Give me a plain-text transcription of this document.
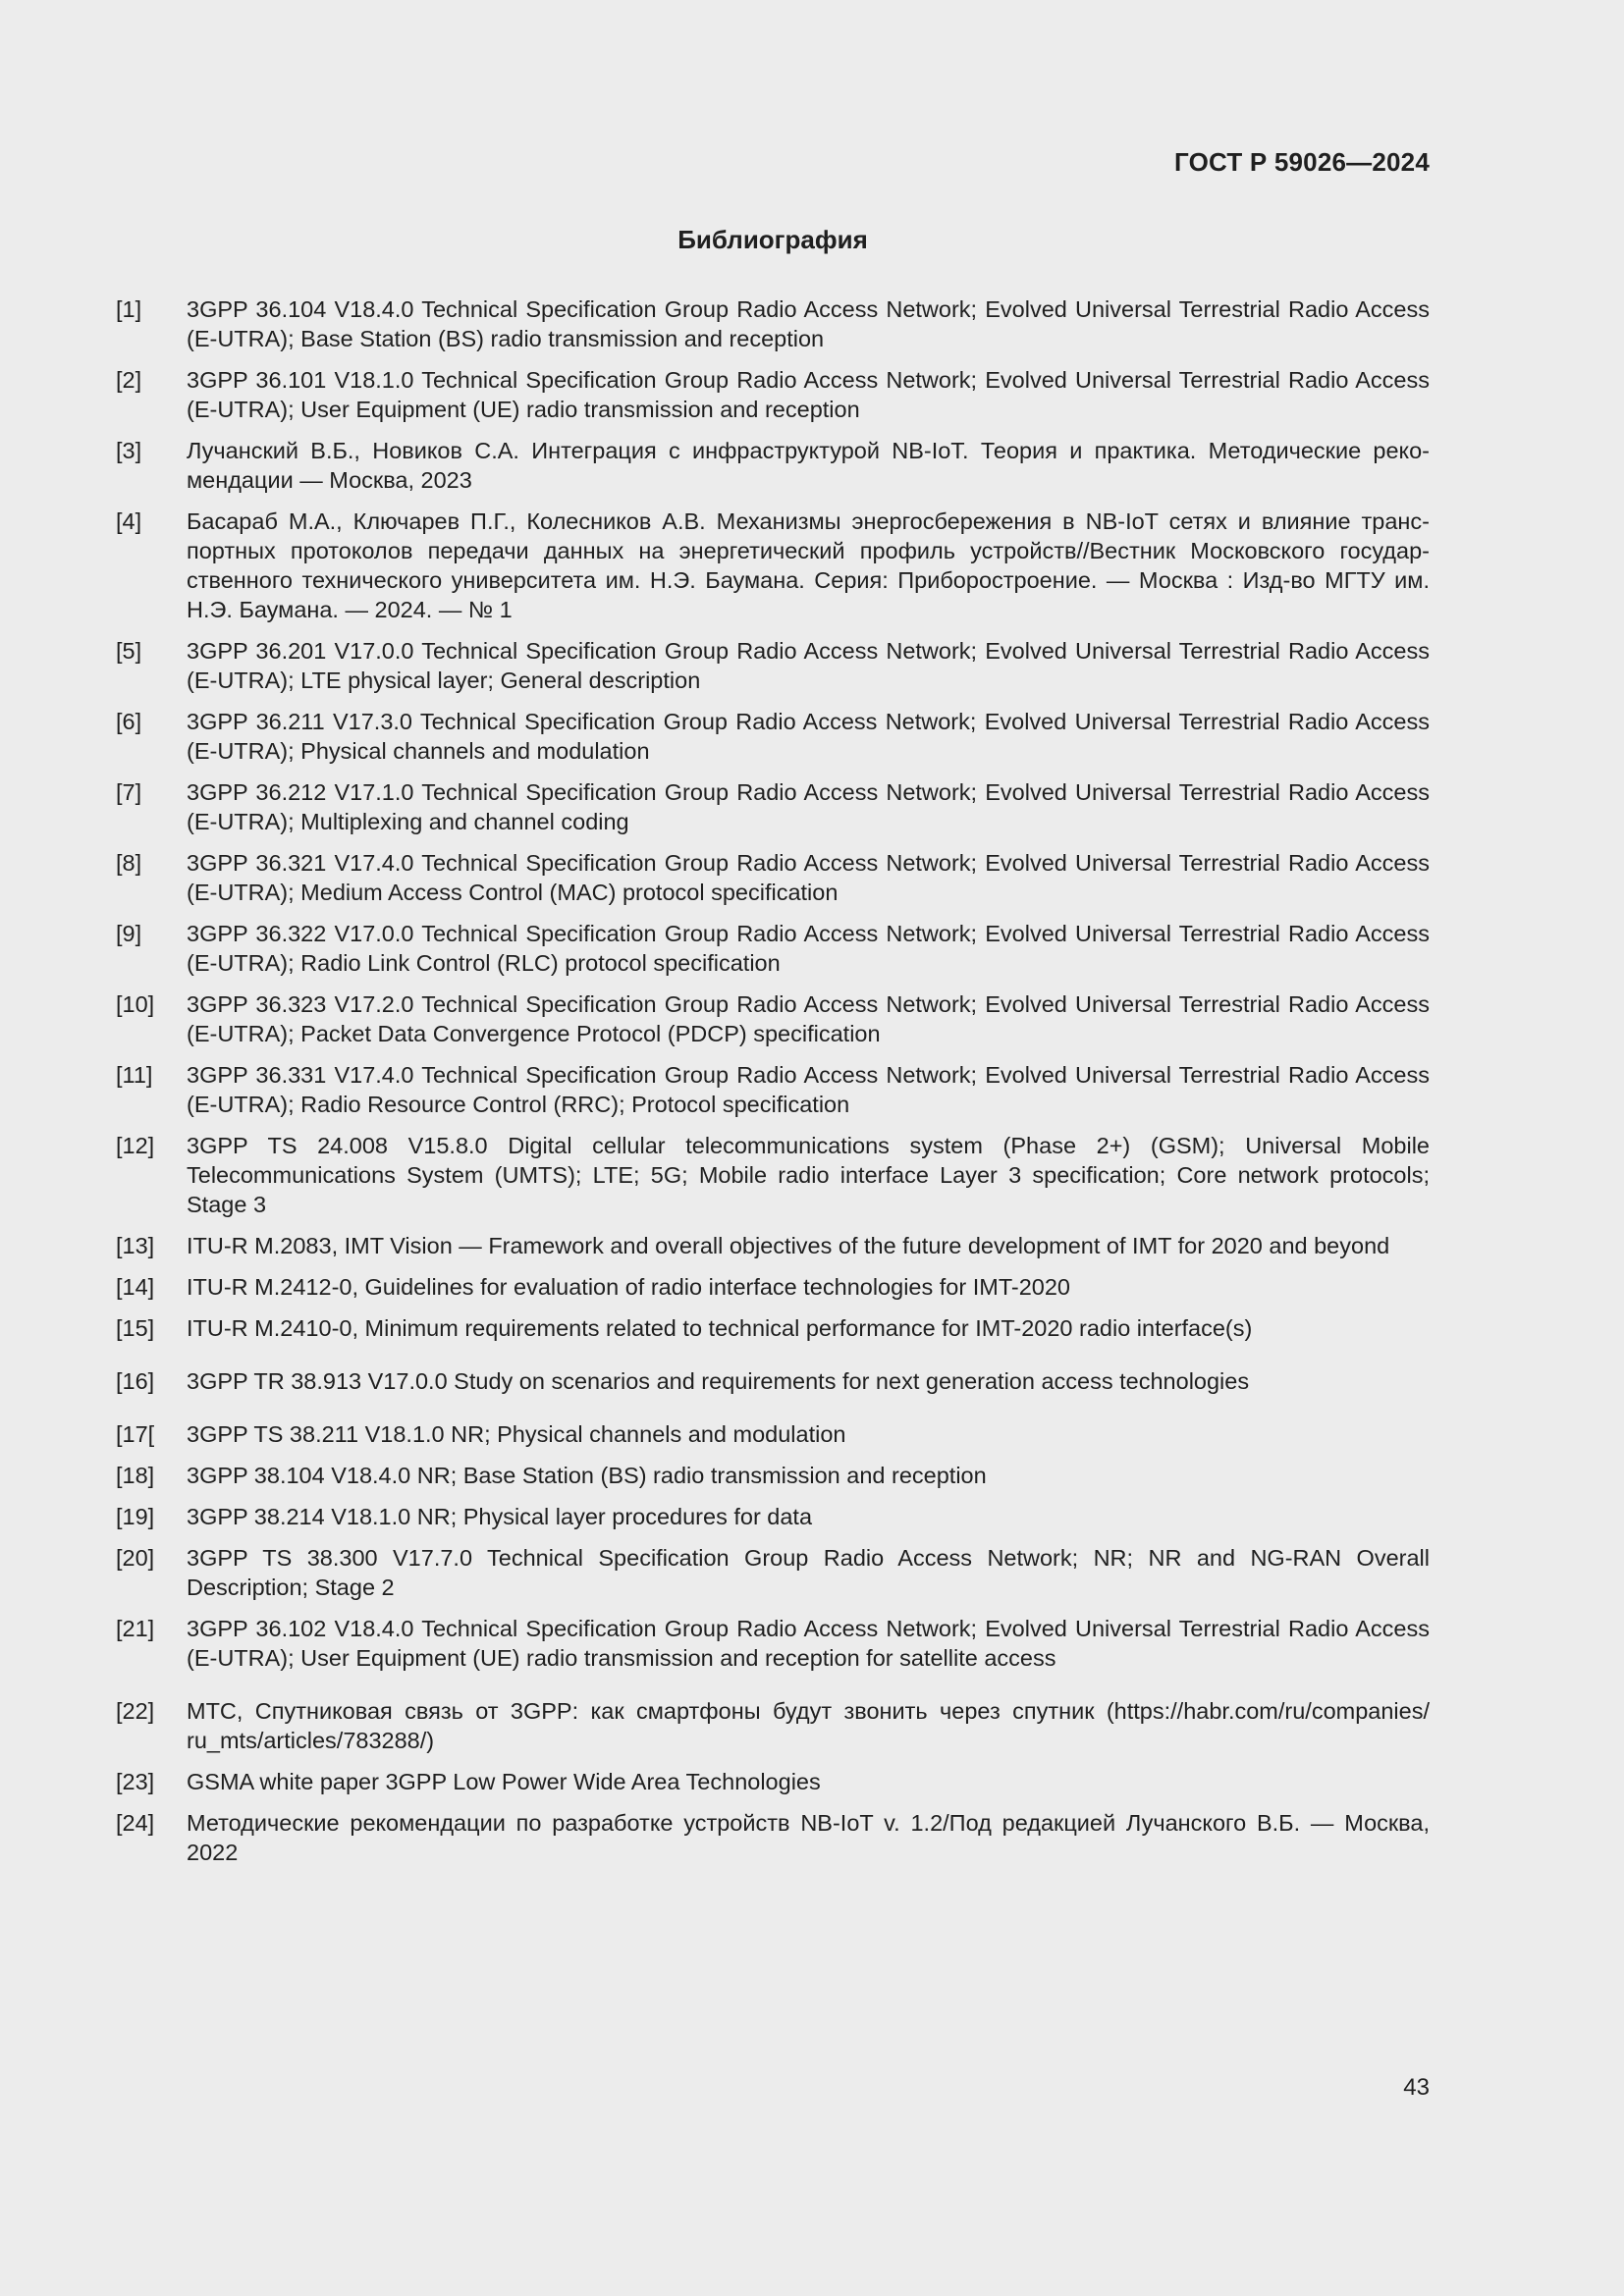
ГОСТ Р 59026—2024
Библиография

[1] 3GPP 36.104 V18.4.0 Technical Specification Group Radio Access Network; Evolved Universal Terrestrial Radio Access (E-UTRA); Base Station (BS) radio transmission and reception

[2] 3GPP 36.101 V18.1.0 Technical Specification Group Radio Access Network; Evolved Universal Terrestrial Radio Access (E-UTRA); User Equipment (UE) radio transmission and reception

[3] Лучанский В.Б., Новиков С.А. Интеграция с инфраструктурой NB-IoT. Теория и практика. Методические рекомендации — Москва, 2023

[4] Басараб М.А., Ключарев П.Г., Колесников А.В. Механизмы энергосбережения в NB-IoT сетях и влияние транспортных протоколов передачи данных на энергетический профиль устройств//Вестник Московского государственного технического университета им. Н.Э. Баумана. Серия: Приборостроение. — Москва : Изд-во МГТУ им. Н.Э. Баумана. — 2024. — № 1

[5] 3GPP 36.201 V17.0.0 Technical Specification Group Radio Access Network; Evolved Universal Terrestrial Radio Access (E-UTRA); LTE physical layer; General description

[6] 3GPP 36.211 V17.3.0 Technical Specification Group Radio Access Network; Evolved Universal Terrestrial Radio Access (E-UTRA); Physical channels and modulation

[7] 3GPP 36.212 V17.1.0 Technical Specification Group Radio Access Network; Evolved Universal Terrestrial Radio Access (E-UTRA); Multiplexing and channel coding

[8] 3GPP 36.321 V17.4.0 Technical Specification Group Radio Access Network; Evolved Universal Terrestrial Radio Access (E-UTRA); Medium Access Control (MAC) protocol specification

[9] 3GPP 36.322 V17.0.0 Technical Specification Group Radio Access Network; Evolved Universal Terrestrial Radio Access (E-UTRA); Radio Link Control (RLC) protocol specification

[10] 3GPP 36.323 V17.2.0 Technical Specification Group Radio Access Network; Evolved Universal Terrestrial Radio Access (E-UTRA); Packet Data Convergence Protocol (PDCP) specification

[11] 3GPP 36.331 V17.4.0 Technical Specification Group Radio Access Network; Evolved Universal Terrestrial Radio Access (E-UTRA); Radio Resource Control (RRC); Protocol specification

[12] 3GPP TS 24.008 V15.8.0 Digital cellular telecommunications system (Phase 2+) (GSM); Universal Mobile Telecommunications System (UMTS); LTE; 5G; Mobile radio interface Layer 3 specification; Core network protocols; Stage 3

[13] ITU-R M.2083, IMT Vision — Framework and overall objectives of the future development of IMT for 2020 and beyond

[14] ITU-R M.2412-0, Guidelines for evaluation of radio interface technologies for IMT-2020

[15] ITU-R M.2410-0, Minimum requirements related to technical performance for IMT-2020 radio interface(s)

[16] 3GPP TR 38.913 V17.0.0 Study on scenarios and requirements for next generation access technologies

[17[ 3GPP TS 38.211 V18.1.0 NR; Physical channels and modulation

[18] 3GPP 38.104 V18.4.0 NR; Base Station (BS) radio transmission and reception

[19] 3GPP 38.214 V18.1.0 NR; Physical layer procedures for data

[20] 3GPP TS 38.300 V17.7.0 Technical Specification Group Radio Access Network; NR; NR and NG-RAN Overall Description; Stage 2

[21] 3GPP 36.102 V18.4.0 Technical Specification Group Radio Access Network; Evolved Universal Terrestrial Radio Access (E-UTRA); User Equipment (UE) radio transmission and reception for satellite access

[22] МТС, Спутниковая связь от 3GPP: как смартфоны будут звонить через спутник (https://habr.com/ru/companies/ ru_mts/articles/783288/)

[23] GSMA white paper 3GPP Low Power Wide Area Technologies

[24] Методические рекомендации по разработке устройств NB-IoT v. 1.2/Под редакцией Лучанского В.Б. — Москва, 2022

43
